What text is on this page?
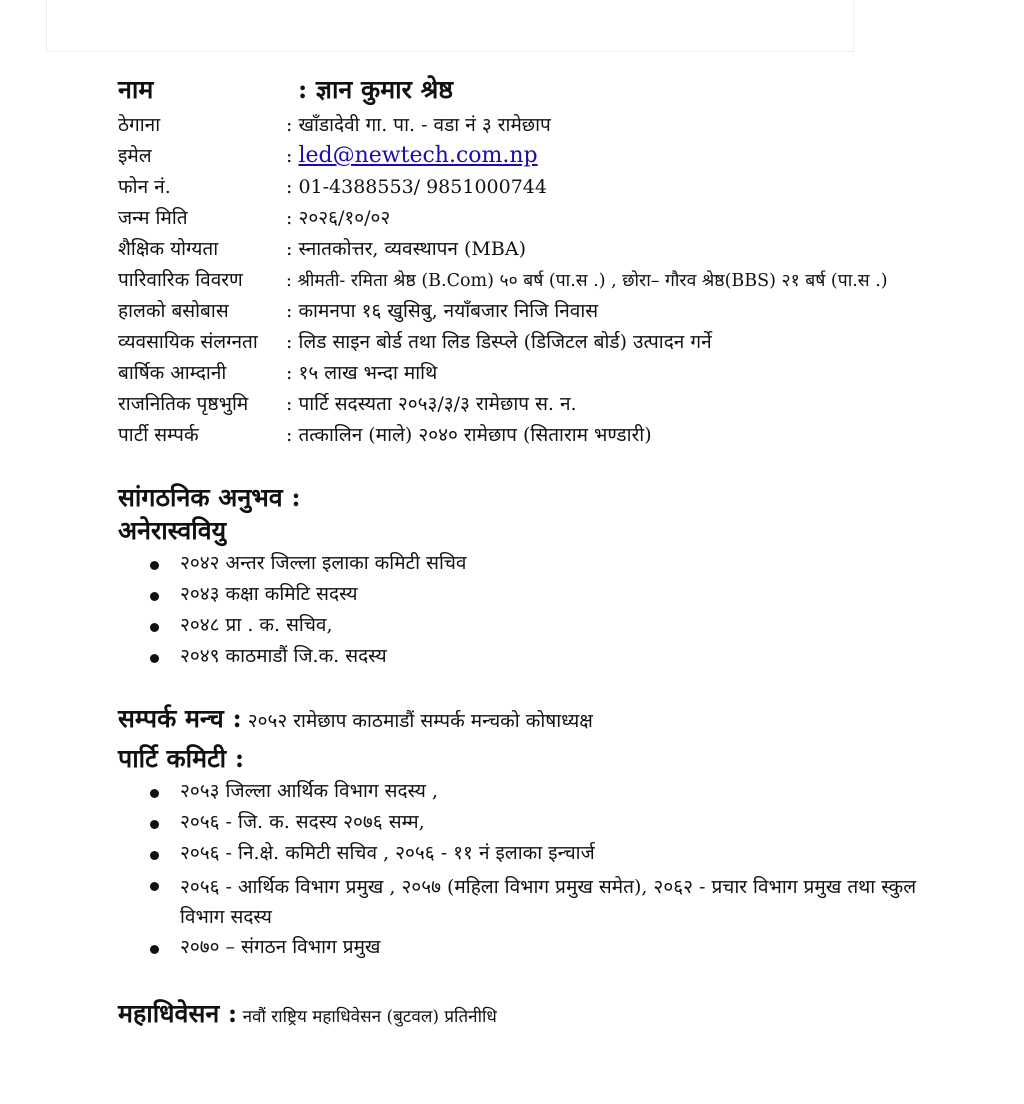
नाम	: ज्ञान कुमार श्रेष्ठ
ठेगाना	: खाँडादेवी गा. पा. - वडा नं ३ रामेछाप
इमेल	: led@newtech.com.np
फोन नं.	: 01-4388553/ 9851000744
जन्म मिति	: २०२६/१०/०२
शैक्षिक योग्यता	: स्नातकोत्तर, व्यवस्थापन (MBA)
पारिवारिक विवरण	: श्रीमती- रमिता श्रेष्ठ (B.Com) ५० बर्ष (पा.स .) , छोरा– गौरव श्रेष्ठ(BBS) २१ बर्ष (पा.स .)
हालको बसोबास	: कामनपा १६ खुसिबु, नयाँबजार निजि निवास
व्यवसायिक संलग्नता	: लिड साइन बोर्ड तथा लिड डिस्प्ले (डिजिटल बोर्ड) उत्पादन गर्ने
बार्षिक आम्दानी	: १५ लाख भन्दा माथि
राजनितिक पृष्ठभुमि	: पार्टि सदस्यता २०५३/३/३ रामेछाप स. न.
पार्टी सम्पर्क	: तत्कालिन (माले) २०४० रामेछाप (सिताराम भण्डारी)
सांगठनिक अनुभव :
अनेरास्ववियु
२०४२ अन्तर जिल्ला इलाका कमिटी सचिव
२०४३ कक्षा कमिटि सदस्य
२०४८ प्रा . क. सचिव,
२०४९ काठमाडौं जि.क. सदस्य
सम्पर्क मन्च : २०५२ रामेछाप काठमाडौं सम्पर्क मन्चको कोषाध्यक्ष
पार्टि कमिटी :
२०५३ जिल्ला आर्थिक विभाग सदस्य ,
२०५६ - जि. क. सदस्य २०७६ सम्म,
२०५६ - नि.क्षे. कमिटी सचिव , २०५६ - ११ नं इलाका इन्चार्ज
२०५६ - आर्थिक विभाग प्रमुख , २०५७ (महिला विभाग प्रमुख समेत), २०६२ - प्रचार विभाग प्रमुख तथा स्कुल विभाग सदस्य
२०७० – संगठन विभाग प्रमुख
महाधिवेसन : नवौं राष्ट्रिय महाधिवेसन (बुटवल) प्रतिनीधि
